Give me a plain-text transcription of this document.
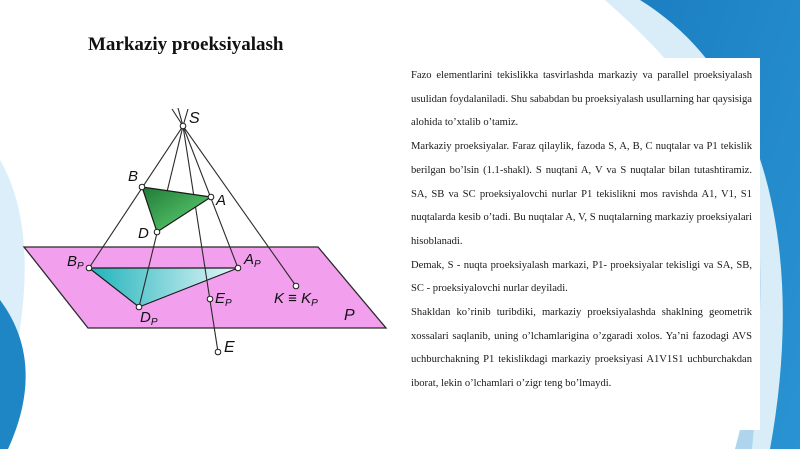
Markaziy proeksiyalash
S
B
A
D
$B_P$	$A_P$
$E_P$	$K \equiv K_P$
$D_P$	P
E

Fazo elementlarini tekislikka tasvirlashda markaziy va parallel proeksiyalash usulidan foydalaniladi. Shu sababdan bu proeksiyalash usullarning har qaysisiga alohida to’xtalib o’tamiz.

Markaziy proeksiyalar. Faraz qilaylik, fazoda S, A, B, C nuqtalar va P1 tekislik berilgan bo’lsin (1.1-shakl). S nuqtani A, V va S nuqtalar bilan tutashtiramiz. SA, SB va SC proeksiyalovchi nurlar P1 tekislikni mos ravishda A1, V1, S1 nuqtalarda kesib o’tadi. Bu nuqtalar A, V, S nuqtalarning markaziy proeksiyalari hisoblanadi.

Demak, S - nuqta proeksiyalash markazi, P1- proeksiyalar tekisligi va SA, SB, SC - proeksiyalovchi nurlar deyiladi.

Shakldan ko’rinib turibdiki, markaziy proeksiyalashda shaklning geometrik xossalari saqlanib, uning o’lchamlarigina o’zgaradi xolos. Ya’ni fazodagi AVS uchburchakning P1 tekislikdagi markaziy proeksiyasi A1V1S1 uchburchakdan iborat, lekin o’lchamlari o’zigr teng bo’lmaydi.
